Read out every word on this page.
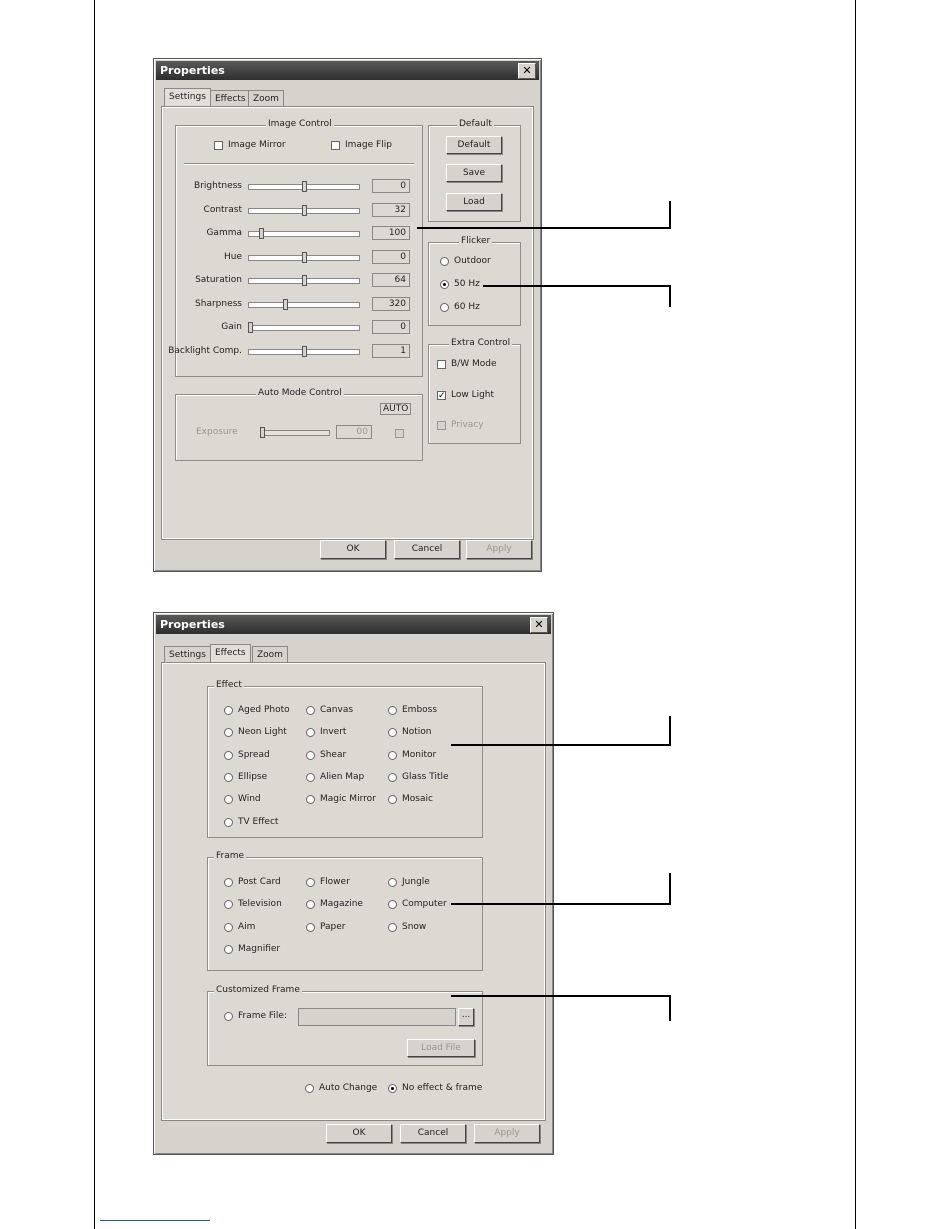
Properties	✕
Settings	Effects Zoom
Image Control
Image Mirror	Image Flip
Brightness	0
Contrast	32
Gamma	100
Hue	0
Saturation	64
Sharpness	320
Gain	0
Backlight Comp.	1
Default
Default
Save
Load
Flicker
Outdoor
50 Hz
60 Hz
Extra Control
B/W Mode
✓ Low Light
Privacy
Auto Mode Control
AUTO
Exposure	00
OK	Cancel	Apply
Properties	✕
Settings	Effects	Zoom
Effect
Aged Photo	Canvas	Emboss
Neon Light	Invert	Notion
Spread	Shear	Monitor
Ellipse	Alien Map	Glass Title
Wind	Magic Mirror	Mosaic
TV Effect
Frame
Post Card	Flower	Jungle
Television	Magazine	Computer
Aim	Paper	Snow
Magnifier
Customized Frame
Frame File:	...
Load File
Auto Change	No effect & frame
OK	Cancel	Apply
